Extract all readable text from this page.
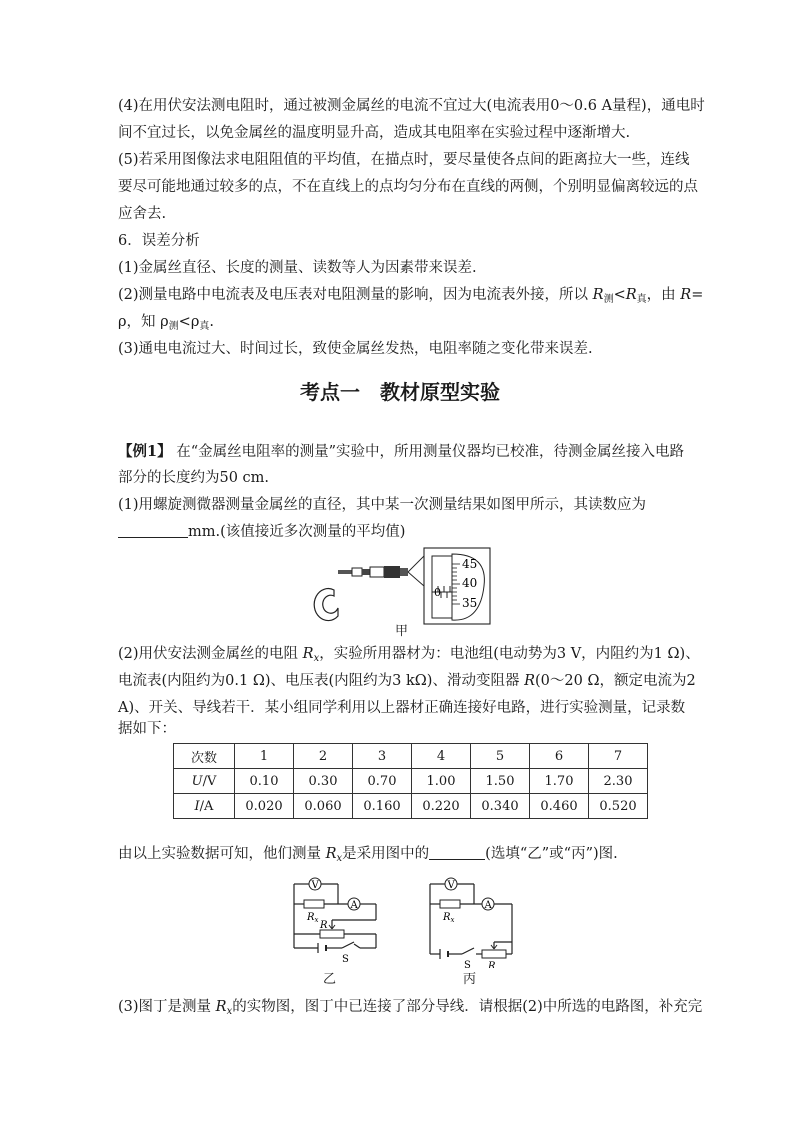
(4)在用伏安法测电阻时，通过被测金属丝的电流不宜过大(电流表用0～0.6 A量程)，通电时
间不宜过长，以免金属丝的温度明显升高，造成其电阻率在实验过程中逐渐增大.
(5)若采用图像法求电阻阻值的平均值，在描点时，要尽量使各点间的距离拉大一些，连线
要尽可能地通过较多的点，不在直线上的点均匀分布在直线的两侧，个别明显偏离较远的点
应舍去.
6．误差分析
(1)金属丝直径、长度的测量、读数等人为因素带来误差.
(2)测量电路中电流表及电压表对电阻测量的影响，因为电流表外接，所以 $R_测<R_真$，由 R=
ρ，知 $\rho_测<\rho_真$.
(3)通电电流过大、时间过长，致使金属丝发热，电阻率随之变化带来误差.
考点一　教材原型实验
【例1】 在“金属丝电阻率的测量”实验中，所用测量仪器均已校准，待测金属丝接入电路
部分的长度约为50 cm.
(1)用螺旋测微器测量金属丝的直径，其中某一次测量结果如图甲所示，其读数应为
mm.(该值接近多次测量的平均值)
45
40
35
0
甲
(2)用伏安法测金属丝的电阻 $R_x$，实验所用器材为：电池组(电动势为3 V，内阻约为1 Ω)、
电流表(内阻约为0.1 Ω)、电压表(内阻约为3 kΩ)、滑动变阻器 R(0～20 Ω，额定电流为2
A)、开关、导线若干．某小组同学利用以上器材正确连接好电路，进行实验测量，记录数
据如下：
次数	1	2	3	4	5	6	7
U/V	0.10	0.30	0.70	1.00	1.50	1.70	2.30
I/A	0.020	0.060	0.160	0.220	0.340	0.460	0.520
由以上实验数据可知，他们测量 $R_x$是采用图中的	(选填“乙”或“丙”)图.
V
$R_x$
A
R
S
乙
V
$R_x$
A
S R
丙
(3)图丁是测量 $R_x$的实物图，图丁中已连接了部分导线．请根据(2)中所选的电路图，补充完
